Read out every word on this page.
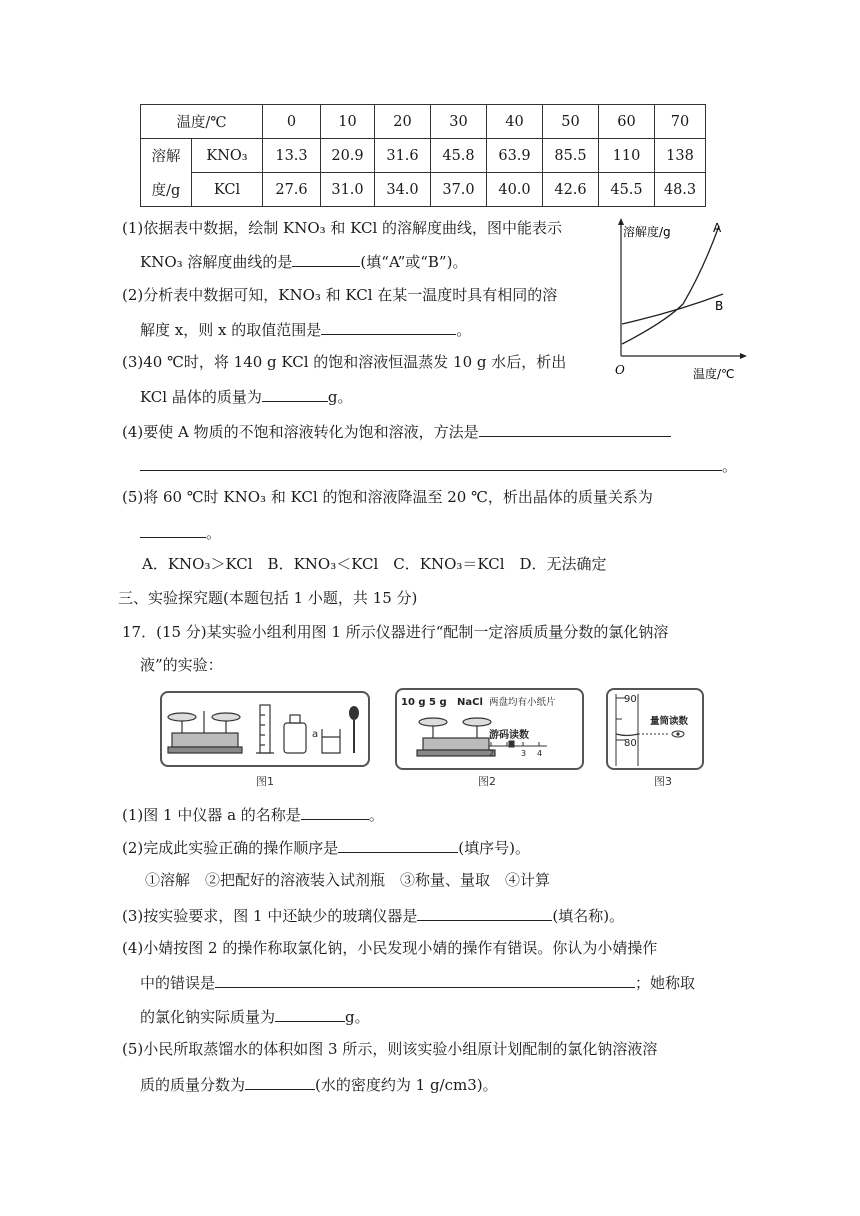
温度/℃		0	10	20	30	40	50	60	70
溶解	KNO₃	13.3	20.9	31.6	45.8	63.9	85.5	110	138
度/g	KCl	27.6	31.0	34.0	37.0	40.0	42.6	45.5	48.3
(1)依据表中数据，绘制 KNO₃ 和 KCl 的溶解度曲线，图中能表示
KNO₃ 溶解度曲线的是	(填“A”或“B”)。
(2)分析表中数据可知，KNO₃ 和 KCl 在某一温度时具有相同的溶
解度 x，则 x 的取值范围是	。
(3)40 ℃时，将 140 g KCl 的饱和溶液恒温蒸发 10 g 水后，析出
KCl 晶体的质量为	g。
(4)要使 A 物质的不饱和溶液转化为饱和溶液，方法是
。
(5)将 60 ℃时 KNO₃ 和 KCl 的饱和溶液降温至 20 ℃，析出晶体的质量关系为
。
A．KNO₃＞KCl　B．KNO₃＜KCl　C．KNO₃＝KCl　D．无法确定
溶解度/g	A
B
O	温度/℃
三、实验探究题(本题包括 1 小题，共 15 分)
17．(15 分)某实验小组利用图 1 所示仪器进行“配制一定溶质质量分数的氯化钠溶
液”的实验：
a
图1
10 g 5 g NaCl 两盘均有小纸片
游码读数
2	3 4
图2
90
80
量筒读数
图3
(1)图 1 中仪器 a 的名称是	。
(2)完成此实验正确的操作顺序是	(填序号)。
①溶解　②把配好的溶液装入试剂瓶　③称量、量取　④计算
(3)按实验要求，图 1 中还缺少的玻璃仪器是	(填名称)。
(4)小婧按图 2 的操作称取氯化钠，小民发现小婧的操作有错误。你认为小婧操作
中的错误是	；她称取
的氯化钠实际质量为	g。
(5)小民所取蒸馏水的体积如图 3 所示，则该实验小组原计划配制的氯化钠溶液溶
质的质量分数为	(水的密度约为 1 g/cm3)。
